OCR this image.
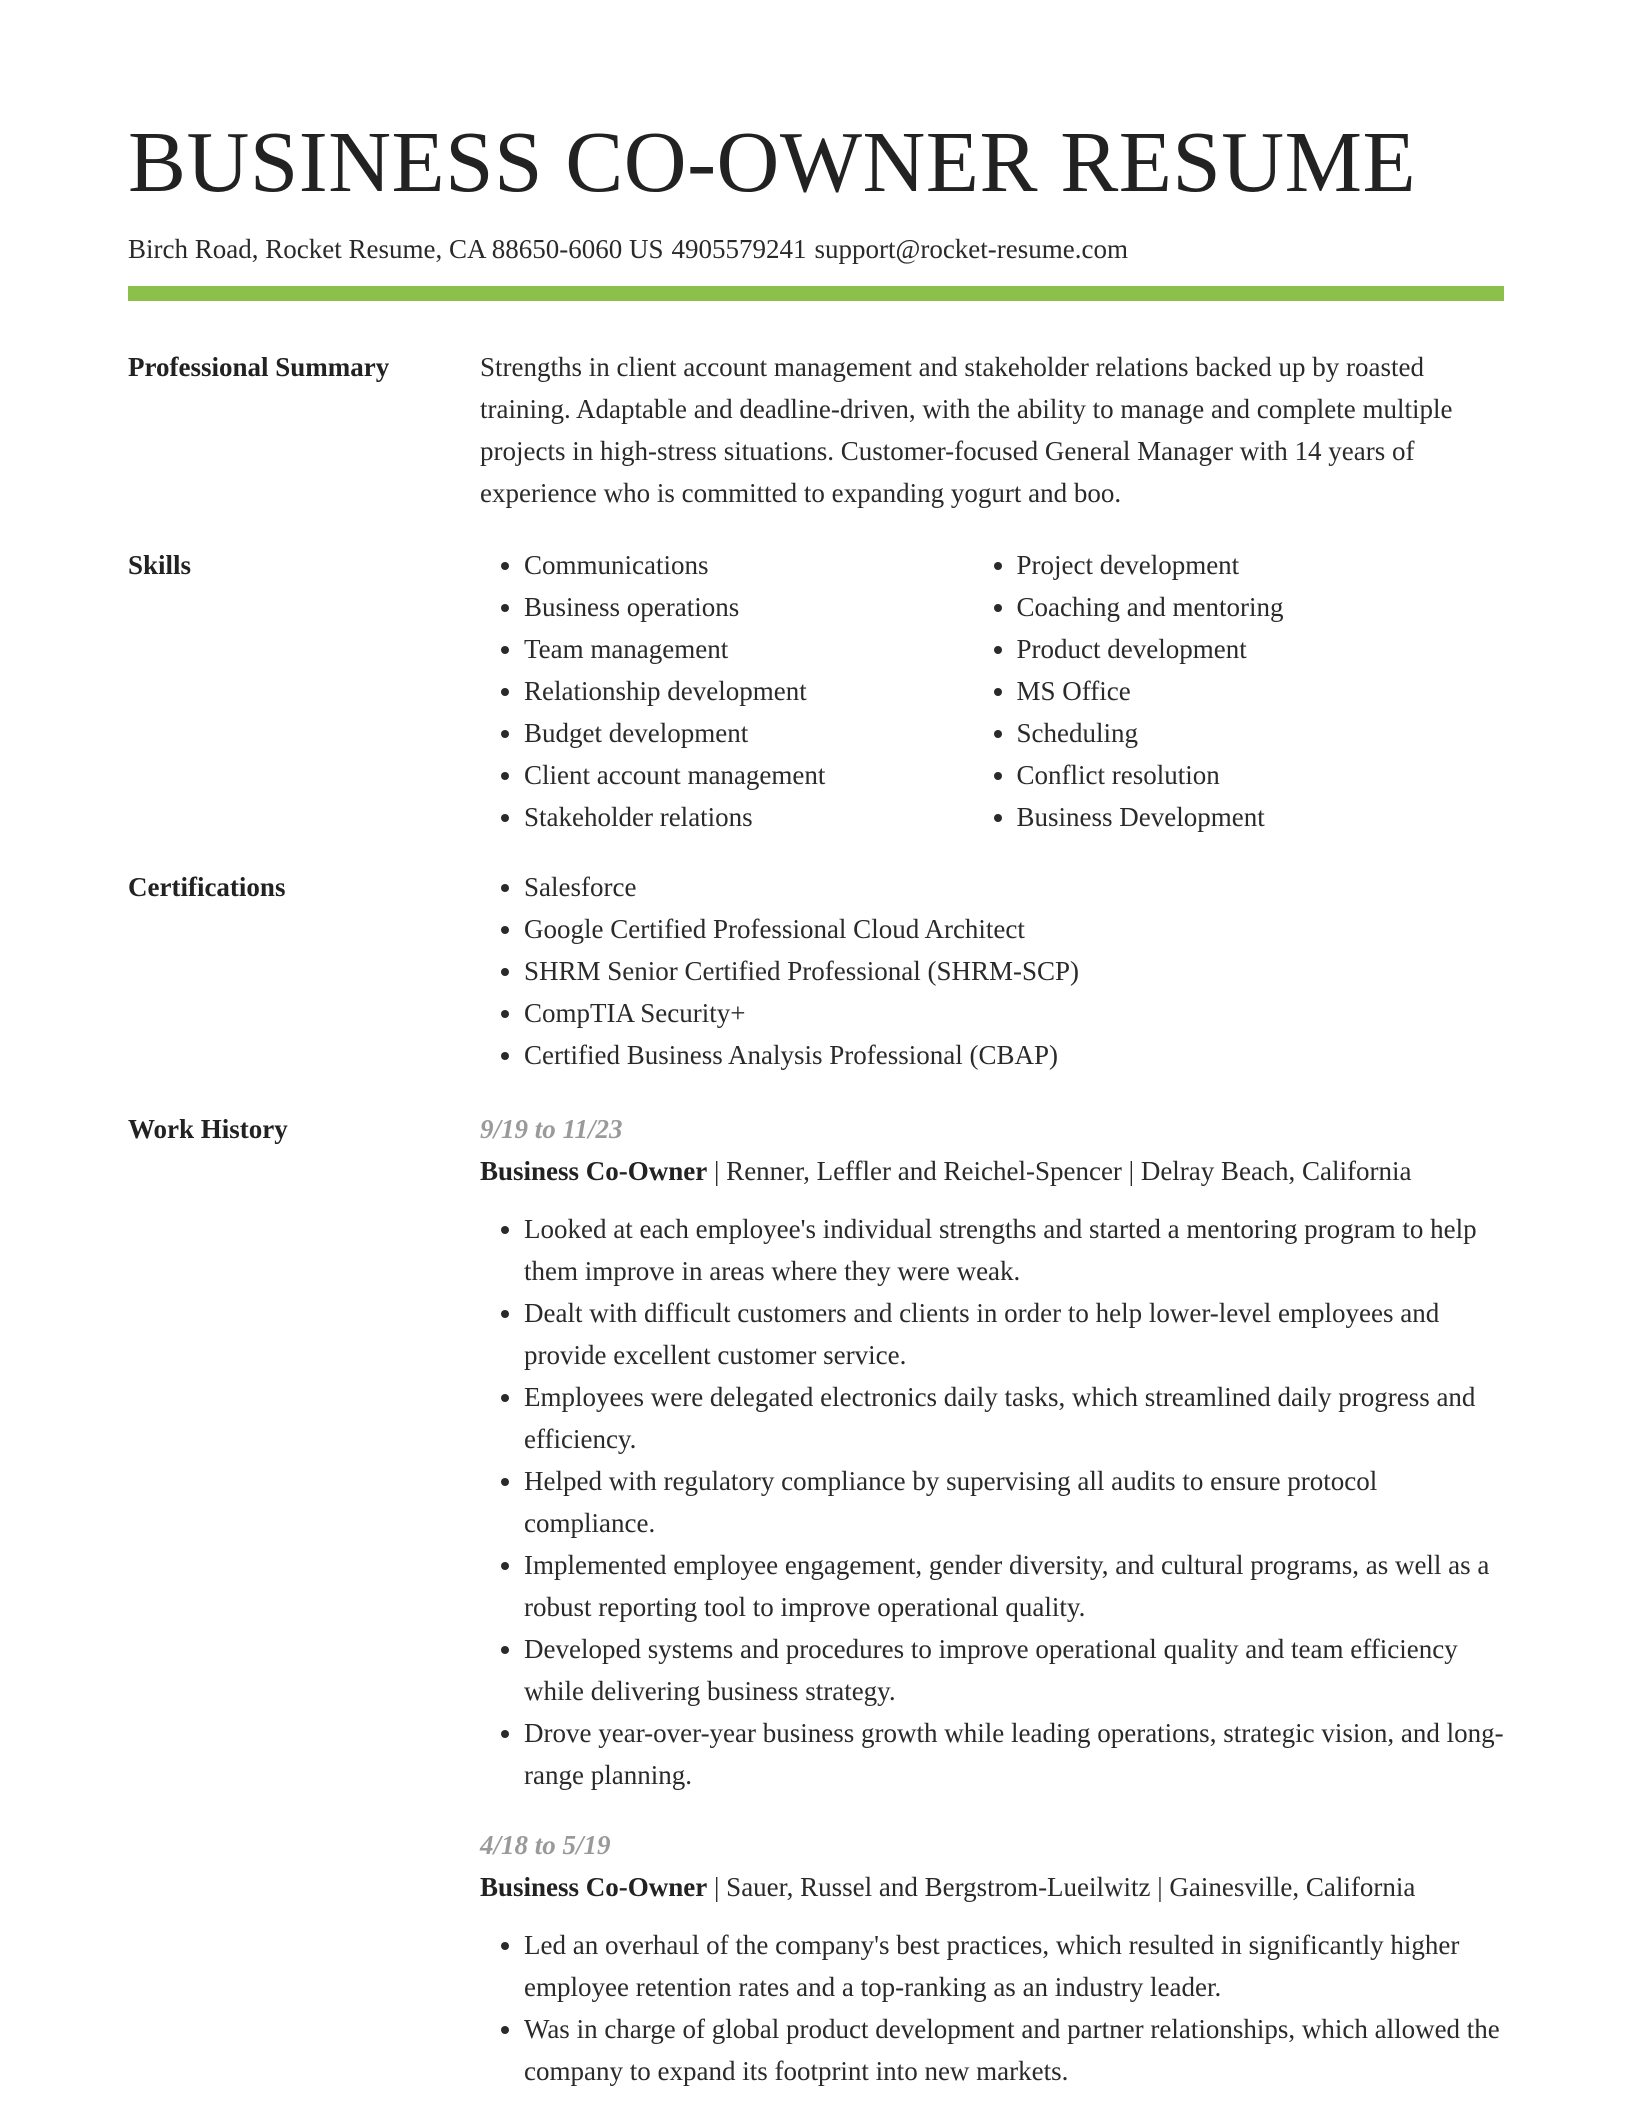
BUSINESS CO-OWNER RESUME
Birch Road, Rocket Resume, CA 88650-6060 US 4905579241 support@rocket-resume.com
Professional Summary	Strengths in client account management and stakeholder relations backed up by roasted training. Adaptable and deadline-driven, with the ability to manage and complete multiple projects in high-stress situations. Customer-focused General Manager with 14 years of experience who is committed to expanding yogurt and boo.

Skills	• Communications
• Business operations
• Team management
• Relationship development
• Budget development
• Client account management
• Stakeholder relations
• Project development
• Coaching and mentoring
• Product development
• MS Office
• Scheduling
• Conflict resolution
• Business Development
Certifications	• Salesforce
• Google Certified Professional Cloud Architect
• SHRM Senior Certified Professional (SHRM-SCP)
• CompTIA Security+
• Certified Business Analysis Professional (CBAP)
Work History	9/19 to 11/23
Business Co-Owner | Renner, Leffler and Reichel-Spencer | Delray Beach, California
• Looked at each employee's individual strengths and started a mentoring program to help them improve in areas where they were weak.
• Dealt with difficult customers and clients in order to help lower-level employees and provide excellent customer service.
• Employees were delegated electronics daily tasks, which streamlined daily progress and efficiency.
• Helped with regulatory compliance by supervising all audits to ensure protocol compliance.
• Implemented employee engagement, gender diversity, and cultural programs, as well as a robust reporting tool to improve operational quality.
• Developed systems and procedures to improve operational quality and team efficiency while delivering business strategy.
• Drove year-over-year business growth while leading operations, strategic vision, and long-range planning.
4/18 to 5/19
Business Co-Owner | Sauer, Russel and Bergstrom-Lueilwitz | Gainesville, California
• Led an overhaul of the company's best practices, which resulted in significantly higher employee retention rates and a top-ranking as an industry leader.
• Was in charge of global product development and partner relationships, which allowed the company to expand its footprint into new markets.
